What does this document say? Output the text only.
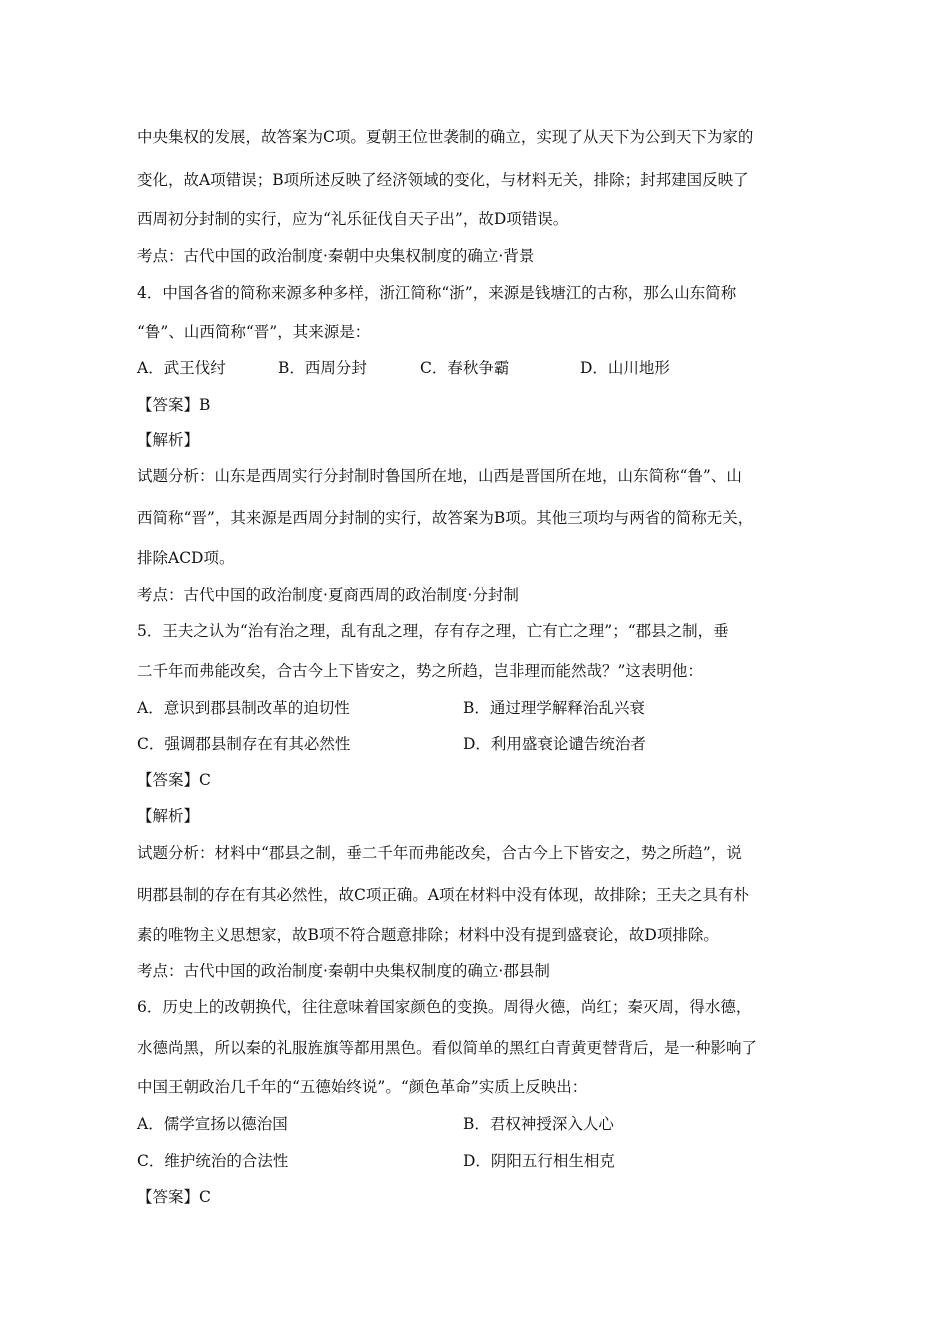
中央集权的发展，故答案为C项。夏朝王位世袭制的确立，实现了从天下为公到天下为家的
变化，故A项错误；B项所述反映了经济领域的变化，与材料无关，排除；封邦建国反映了
西周初分封制的实行，应为“礼乐征伐自天子出”，故D项错误。
考点：古代中国的政治制度·秦朝中央集权制度的确立·背景
4．中国各省的简称来源多种多样，浙江简称“浙”，来源是钱塘江的古称，那么山东简称
“鲁”、山西简称“晋”，其来源是：
A．武王伐纣	B．西周分封	C．春秋争霸	D．山川地形
【答案】B
【解析】
试题分析：山东是西周实行分封制时鲁国所在地，山西是晋国所在地，山东简称“鲁”、山
西简称“晋”，其来源是西周分封制的实行，故答案为B项。其他三项均与两省的简称无关，
排除ACD项。
考点：古代中国的政治制度·夏商西周的政治制度·分封制
5．王夫之认为“治有治之理，乱有乱之理，存有存之理，亡有亡之理”；“郡县之制，垂
二千年而弗能改矣，合古今上下皆安之，势之所趋，岂非理而能然哉？”这表明他：
A．意识到郡县制改革的迫切性	B．通过理学解释治乱兴衰
C．强调郡县制存在有其必然性	D．利用盛衰论谴告统治者
【答案】C
【解析】
试题分析：材料中“郡县之制，垂二千年而弗能改矣，合古今上下皆安之，势之所趋”，说
明郡县制的存在有其必然性，故C项正确。A项在材料中没有体现，故排除；王夫之具有朴
素的唯物主义思想家，故B项不符合题意排除；材料中没有提到盛衰论，故D项排除。
考点：古代中国的政治制度·秦朝中央集权制度的确立·郡县制
6．历史上的改朝换代，往往意味着国家颜色的变换。周得火德，尚红；秦灭周，得水德，
水德尚黑，所以秦的礼服旌旗等都用黑色。看似简单的黑红白青黄更替背后，是一种影响了
中国王朝政治几千年的“五德始终说”。“颜色革命”实质上反映出：
A．儒学宣扬以德治国	B．君权神授深入人心
C．维护统治的合法性	D．阴阳五行相生相克
【答案】C
